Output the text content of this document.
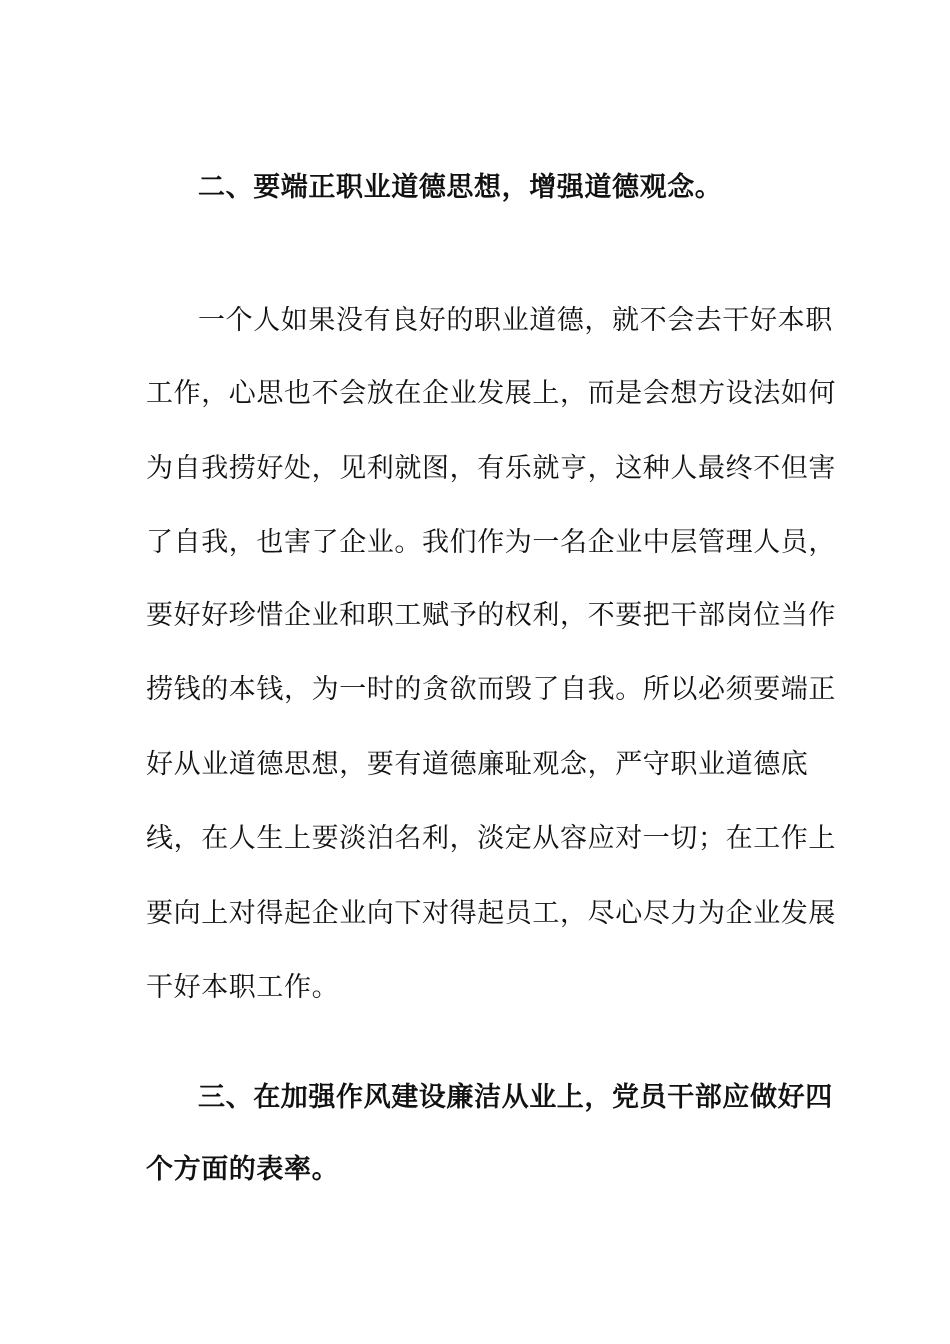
二、要端正职业道德思想，增强道德观念。
一个人如果没有良好的职业道德，就不会去干好本职
工作，心思也不会放在企业发展上，而是会想方设法如何
为自我捞好处，见利就图，有乐就亨，这种人最终不但害
了自我，也害了企业。我们作为一名企业中层管理人员，
要好好珍惜企业和职工赋予的权利，不要把干部岗位当作
捞钱的本钱，为一时的贪欲而毁了自我。所以必须要端正
好从业道德思想，要有道德廉耻观念，严守职业道德底
线，在人生上要淡泊名利，淡定从容应对一切；在工作上
要向上对得起企业向下对得起员工，尽心尽力为企业发展
干好本职工作。
三、在加强作风建设廉洁从业上，党员干部应做好四
个方面的表率。
